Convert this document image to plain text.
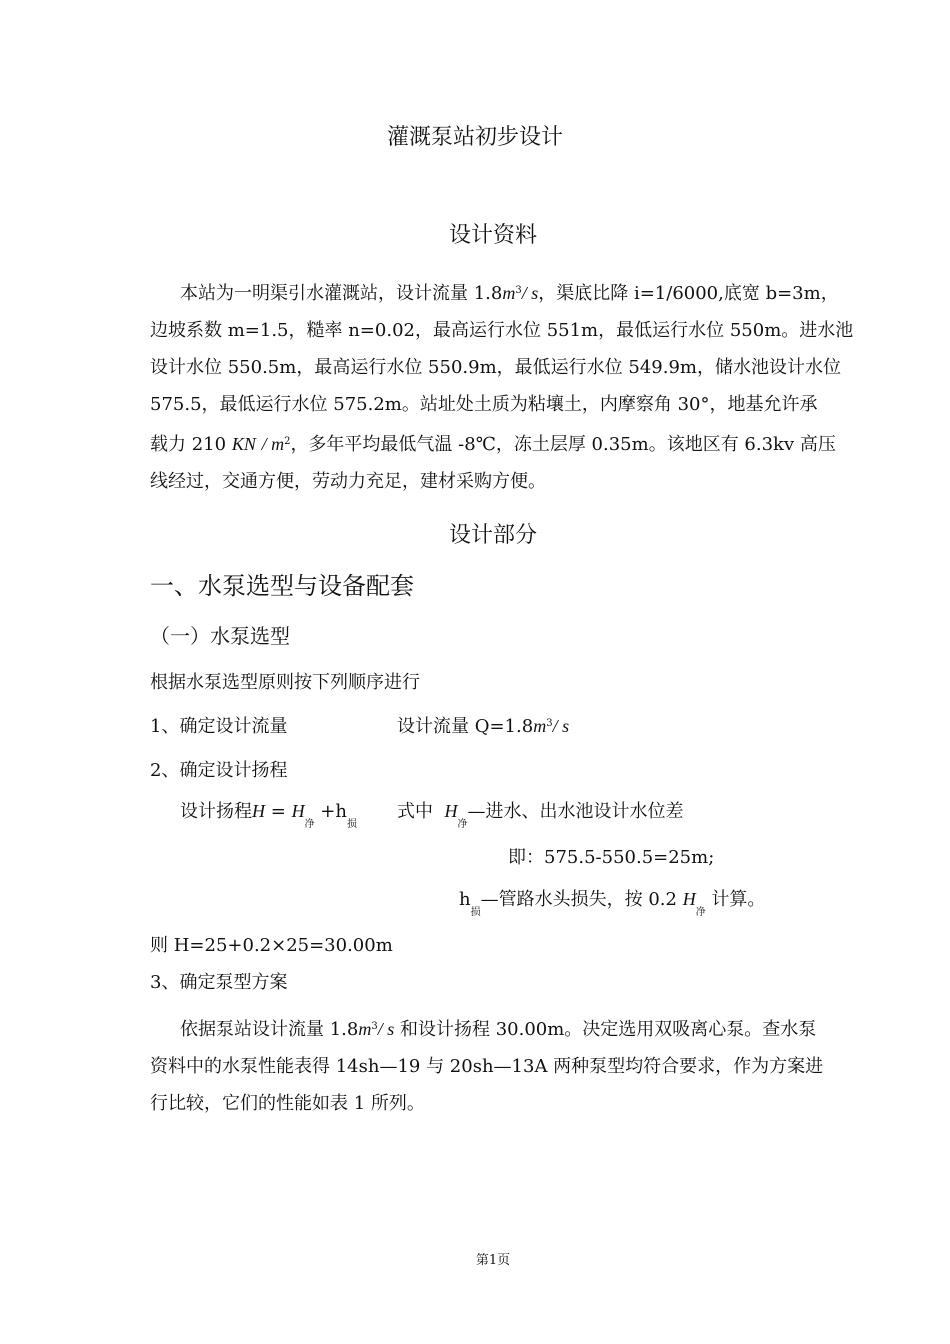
灌溉泵站初步设计
设计资料
本站为一明渠引水灌溉站，设计流量 $1.8m^3/$ s，渠底比降 i=1/6000,底宽 b=3m，
边坡系数 m=1.5，糙率 n=0.02，最高运行水位 551m，最低运行水位 550m。进水池
设计水位 550.5m，最高运行水位 550.9m，最低运行水位 549.9m，储水池设计水位
575.5，最低运行水位 575.2m。站址处土质为粘壤土，内摩察角 30°，地基允许承
载力 210 KN / $m^2$，多年平均最低气温 -8℃，冻土层厚 0.35m。该地区有 6.3kv 高压
线经过，交通方便，劳动力充足，建材采购方便。
设计部分
一、水泵选型与设备配套
（一）水泵选型
根据水泵选型原则按下列顺序进行
1、确定设计流量	设计流量 $Q=1.8m^3/$ s
2、确定设计扬程
设计扬程$H = H_净 +h_损$
式中 $H_净—$进水、出水池设计水位差
即：575.5-550.5=25m;
$h_损—$管路水头损失，按 0.2 $H_净$ 计算。
则 H=25+0.2×25=30.00m
3、确定泵型方案
依据泵站设计流量 $1.8m^3/$ s 和设计扬程 30.00m。决定选用双吸离心泵。查水泵
资料中的水泵性能表得 14sh—19 与 20sh—13A 两种泵型均符合要求，作为方案进
行比较，它们的性能如表 1 所列。
第1页
